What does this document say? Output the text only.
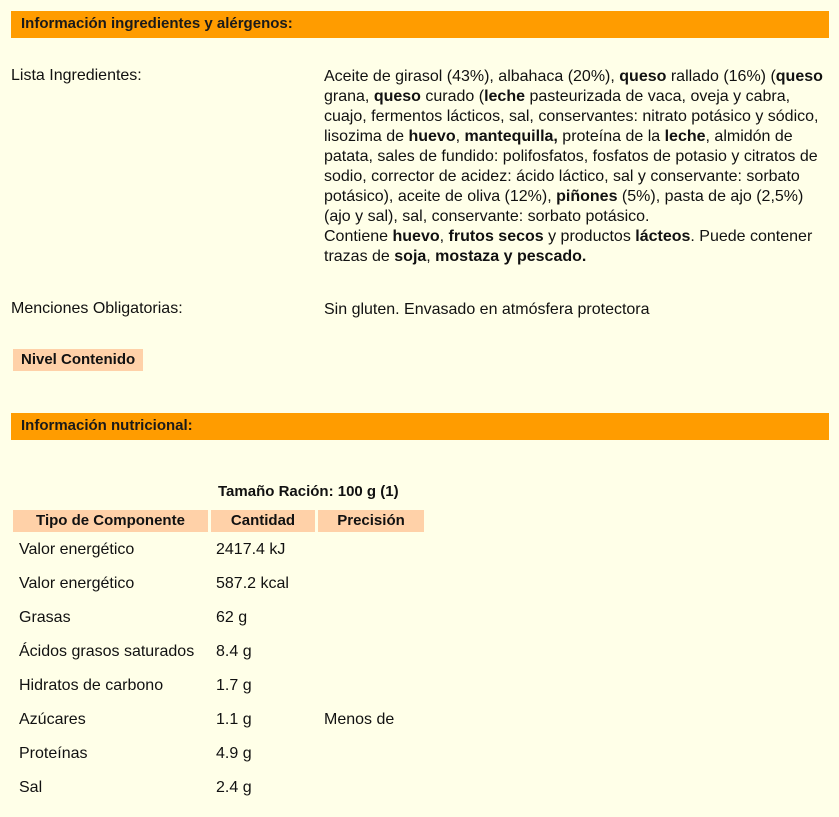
Información ingredientes y alérgenos:
Lista Ingredientes:	Aceite de girasol (43%), albahaca (20%), queso rallado (16%) (queso grana, queso curado (leche pasteurizada de vaca, oveja y cabra, cuajo, fermentos lácticos, sal, conservantes: nitrato potásico y sódico, lisozima de huevo, mantequilla, proteína de la leche, almidón de patata, sales de fundido: polifosfatos, fosfatos de potasio y citratos de sodio, corrector de acidez: ácido láctico, sal y conservante: sorbato potásico), aceite de oliva (12%), piñones (5%), pasta de ajo (2,5%) (ajo y sal), sal, conservante: sorbato potásico.

Contiene huevo, frutos secos y productos lácteos. Puede contener trazas de soja, mostaza y pescado.

Menciones Obligatorias:	Sin gluten. Envasado en atmósfera protectora
Nivel Contenido
Información nutricional:
Tamaño Ración: 100 g (1)
Tipo de Componente	Cantidad	Precisión
Valor energético	2417.4 kJ
Valor energético	587.2 kcal
Grasas	62 g
Ácidos grasos saturados 8.4 g
Hidratos de carbono	1.7 g
Azúcares	1.1 g	Menos de
Proteínas	4.9 g
Sal	2.4 g
